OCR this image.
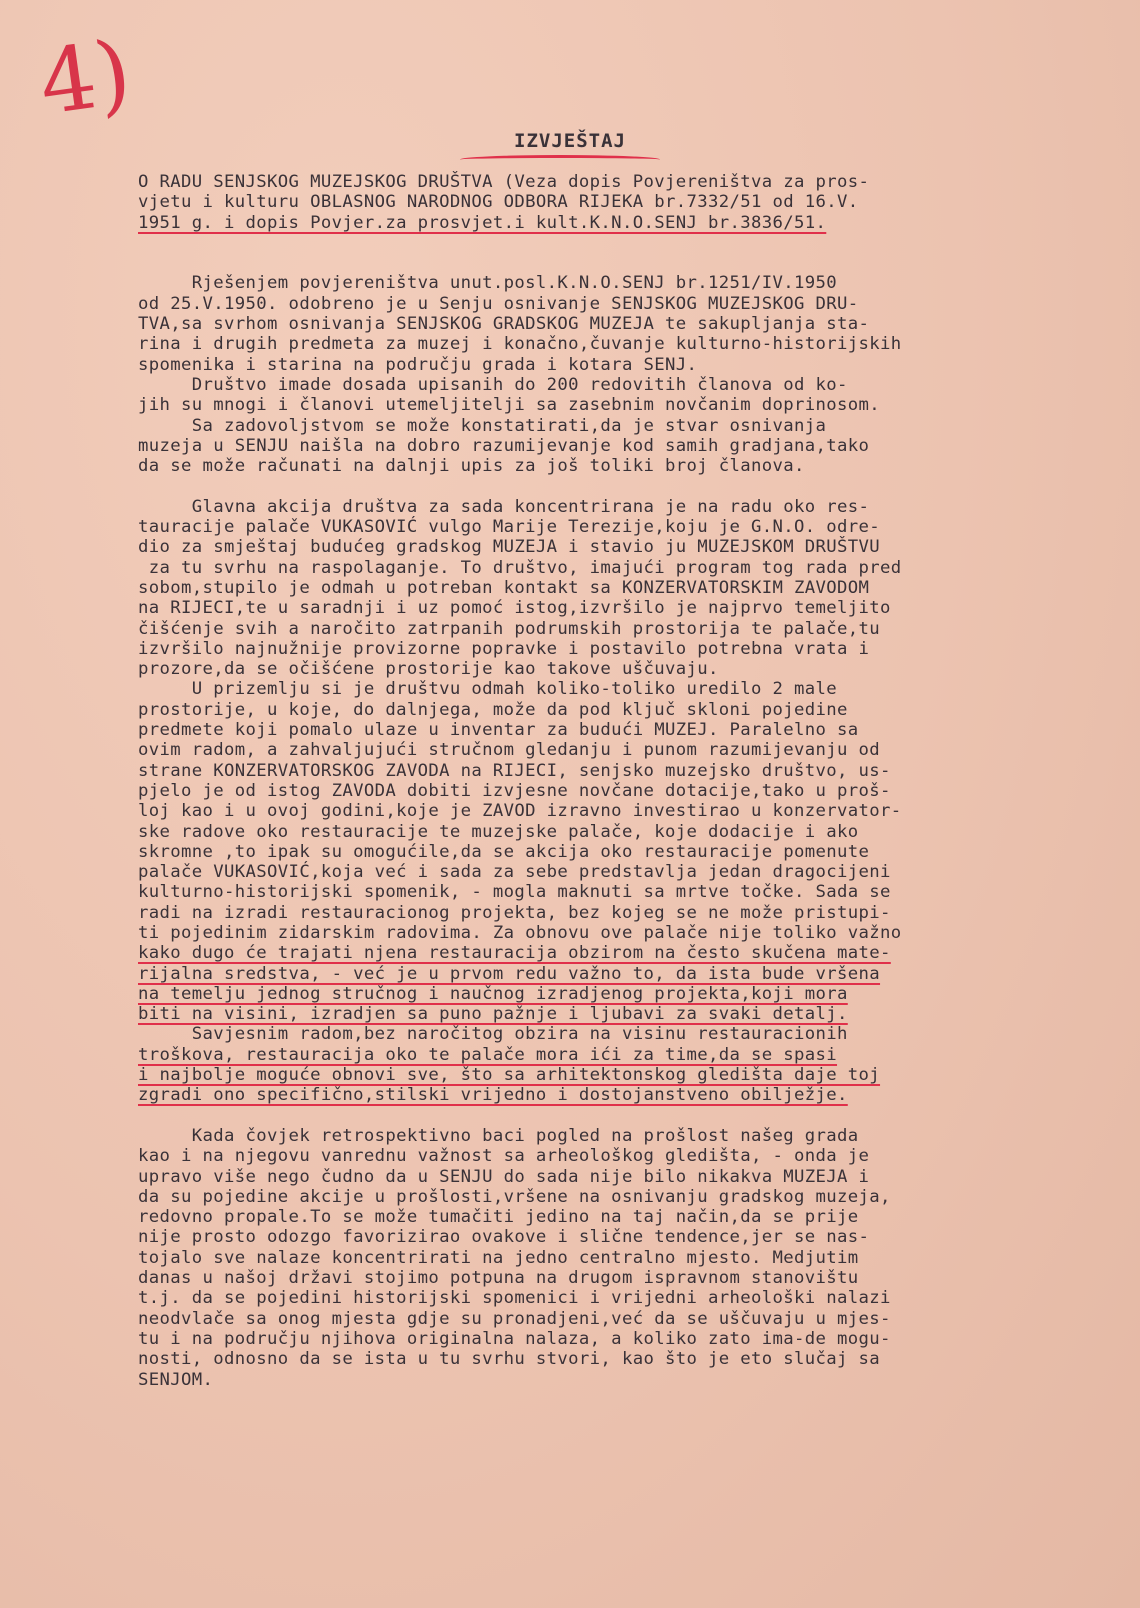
4)
IZVJEŠTAJ
O RADU SENJSKOG MUZEJSKOG DRUŠTVA (Veza dopis Povjereništva za pros-
vjetu i kulturu OBLASNOG NARODNOG ODBORA RIJEKA br.7332/51 od 16.V.
1951 g. i dopis Povjer.za prosvjet.i kult.K.N.O.SENJ br.3836/51.

Rješenjem povjereništva unut.posl.K.N.O.SENJ br.1251/IV.1950
od 25.V.1950. odobreno je u Senju osnivanje SENJSKOG MUZEJSKOG DRU-
TVA,sa svrhom osnivanja SENJSKOG GRADSKOG MUZEJA te sakupljanja sta-
rina i drugih predmeta za muzej i konačno,čuvanje kulturno-historijskih
spomenika i starina na području grada i kotara SENJ.
Društvo imade dosada upisanih do 200 redovitih članova od ko-
jih su mnogi i članovi utemeljitelji sa zasebnim novčanim doprinosom.
Sa zadovoljstvom se može konstatirati,da je stvar osnivanja
muzeja u SENJU naišla na dobro razumijevanje kod samih gradjana,tako
da se može računati na dalnji upis za još toliki broj članova.

Glavna akcija društva za sada koncentrirana je na radu oko res-
tauracije palače VUKASOVIĆ vulgo Marije Terezije,koju je G.N.O. odre-
dio za smještaj budućeg gradskog MUZEJA i stavio ju MUZEJSKOM DRUŠTVU
za tu svrhu na raspolaganje. To društvo, imajući program tog rada pred
sobom,stupilo je odmah u potreban kontakt sa KONZERVATORSKIM ZAVODOM
na RIJECI,te u saradnji i uz pomoć istog,izvršilo je najprvo temeljito
čišćenje svih a naročito zatrpanih podrumskih prostorija te palače,tu
izvršilo najnužnije provizorne popravke i postavilo potrebna vrata i
prozore,da se očišćene prostorije kao takove uščuvaju.
U prizemlju si je društvu odmah koliko-toliko uredilo 2 male
prostorije, u koje, do dalnjega, može da pod ključ skloni pojedine
predmete koji pomalo ulaze u inventar za budući MUZEJ. Paralelno sa
ovim radom, a zahvaljujući stručnom gledanju i punom razumijevanju od
strane KONZERVATORSKOG ZAVODA na RIJECI, senjsko muzejsko društvo, us-
pjelo je od istog ZAVODA dobiti izvjesne novčane dotacije,tako u proš-
loj kao i u ovoj godini,koje je ZAVOD izravno investirao u konzervator-
ske radove oko restauracije te muzejske palače, koje dodacije i ako
skromne ,to ipak su omogućile,da se akcija oko restauracije pomenute
palače VUKASOVIĆ,koja već i sada za sebe predstavlja jedan dragocijeni
kulturno-historijski spomenik, - mogla maknuti sa mrtve točke. Sada se
radi na izradi restauracionog projekta, bez kojeg se ne može pristupi-
ti pojedinim zidarskim radovima. Za obnovu ove palače nije toliko važno
kako dugo će trajati njena restauracija obzirom na često skučena mate-
rijalna sredstva, - već je u prvom redu važno to, da ista bude vršena
na temelju jednog stručnog i naučnog izradjenog projekta,koji mora
biti na visini, izradjen sa puno pažnje i ljubavi za svaki detalj.
Savjesnim radom,bez naročitog obzira na visinu restauracionih
troškova, restauracija oko te palače mora ići za time,da se spasi
i najbolje moguće obnovi sve, što sa arhitektonskog gledišta daje toj
zgradi ono specifično,stilski vrijedno i dostojanstveno obilježje.

Kada čovjek retrospektivno baci pogled na prošlost našeg grada
kao i na njegovu vanrednu važnost sa arheološkog gledišta, - onda je
upravo više nego čudno da u SENJU do sada nije bilo nikakva MUZEJA i
da su pojedine akcije u prošlosti,vršene na osnivanju gradskog muzeja,
redovno propale.To se može tumačiti jedino na taj način,da se prije
nije prosto odozgo favorizirao ovakove i slične tendence,jer se nas-
tojalo sve nalaze koncentrirati na jedno centralno mjesto. Medjutim
danas u našoj državi stojimo potpuna na drugom ispravnom stanovištu
t.j. da se pojedini historijski spomenici i vrijedni arheološki nalazi
neodvlače sa onog mjesta gdje su pronadjeni,već da se uščuvaju u mjes-
tu i na području njihova originalna nalaza, a koliko zato ima-de mogu-
nosti, odnosno da se ista u tu svrhu stvori, kao što je eto slučaj sa
SENJOM.
